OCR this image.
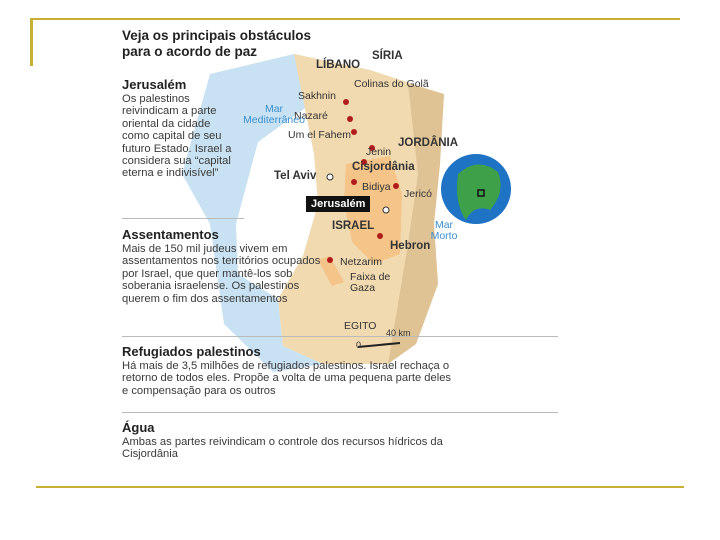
Veja os principais obstáculos para o acordo de paz
Jerusalém
Os palestinos reivindicam a parte oriental da cidade como capital de seu futuro Estado. Israel a considera sua “capital eterna e indivisível”
Assentamentos
Mais de 150 mil judeus vivem em assentamentos nos territórios ocupados por Israel, que quer mantê-los sob soberania israelense. Os palestinos querem o fim dos assentamentos
Refugiados palestinos
Há mais de 3,5 milhões de refugiados palestinos. Israel rechaça o retorno de todos eles. Propõe a volta de uma pequena parte deles e compensação para os outros
Água
Ambas as partes reivindicam o controle dos recursos hídricos da Cisjordânia
SÍRIA
LÍBANO
Colinas do Golã
Sakhnin
Nazaré
Um el Fahem
Jenin
JORDÂNIA
Cisjordânia
Tel Aviv
Bidiya
Jericó
Jerusalém
ISRAEL
Hebron
Netzarim
Faixa de Gaza
EGITO
Mar Mediterrâneo
Mar Morto
0
40 km
